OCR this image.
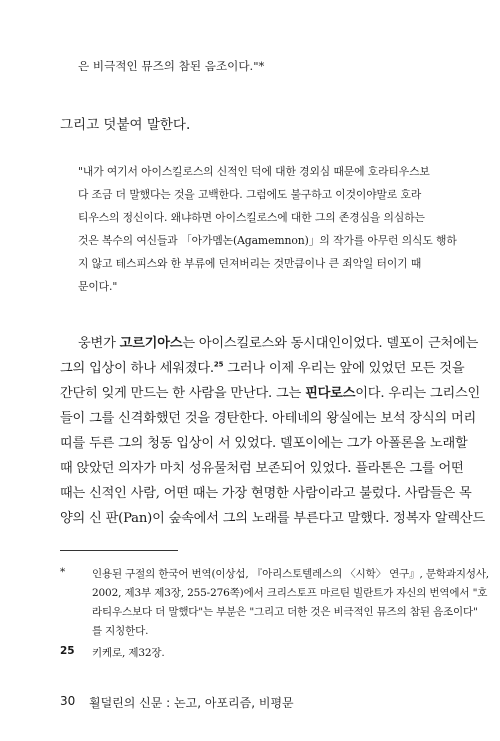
은 비극적인 뮤즈의 참된 음조이다."*
그리고 덧붙여 말한다.
"내가 여기서 아이스킬로스의 신적인 덕에 대한 경외심 때문에 호라티우스보
다 조금 더 말했다는 것을 고백한다. 그럼에도 불구하고 이것이야말로 호라
티우스의 정신이다. 왜냐하면 아이스킬로스에 대한 그의 존경심을 의심하는
것은 복수의 여신들과 「아가멤논(Agamemnon)」의 작가를 아무런 의식도 행하
지 않고 테스피스와 한 부류에 던져버리는 것만큼이나 큰 죄악일 터이기 때
문이다."
웅변가 고르기아스는 아이스킬로스와 동시대인이었다. 델포이 근처에는
그의 입상이 하나 세워졌다.$^{25}$ 그러나 이제 우리는 앞에 있었던 모든 것을
간단히 잊게 만드는 한 사람을 만난다. 그는 핀다로스이다. 우리는 그리스인
들이 그를 신격화했던 것을 경탄한다. 아테네의 왕실에는 보석 장식의 머리
띠를 두른 그의 청동 입상이 서 있었다. 델포이에는 그가 아폴론을 노래할
때 앉았던 의자가 마치 성유물처럼 보존되어 있었다. 플라톤은 그를 어떤
때는 신적인 사람, 어떤 때는 가장 현명한 사람이라고 불렀다. 사람들은 목
양의 신 판(Pan)이 숲속에서 그의 노래를 부른다고 말했다. 정복자 알렉산드
*	인용된 구절의 한국어 번역(이상섭, 『아리스토텔레스의 〈시학〉 연구』, 문학과지성사,
2002, 제3부 제3장, 255-276쪽)에서 크리스토프 마르틴 빌란트가 자신의 번역에서 "호
라티우스보다 더 말했다"는 부분은 "그리고 더한 것은 비극적인 뮤즈의 참된 음조이다"
를 지칭한다.
25 키케로, 제32장.
30 횔덜린의 신문 : 논고, 아포리즘, 비평문
